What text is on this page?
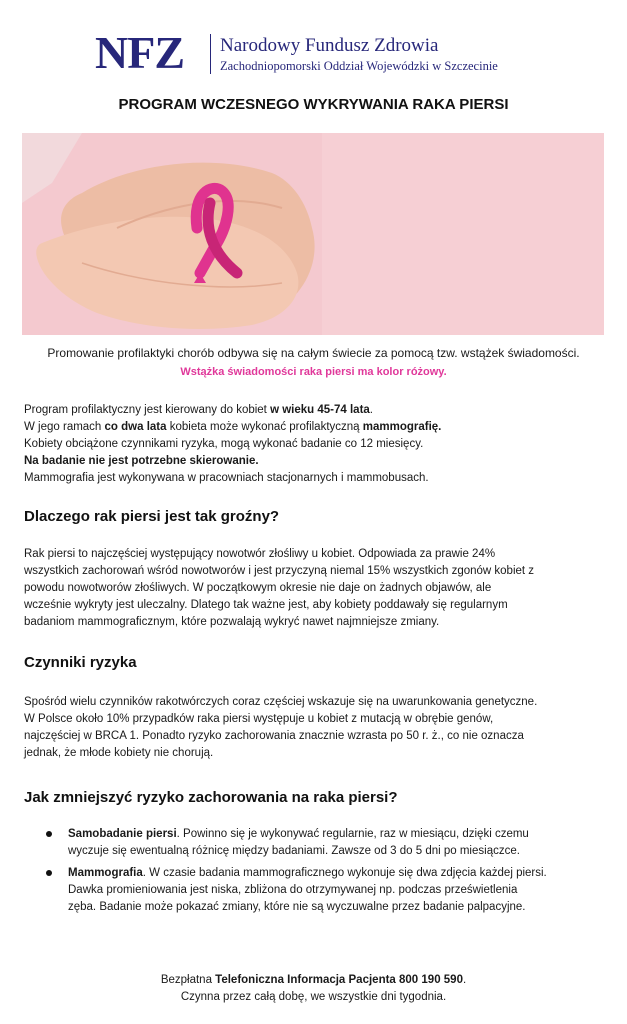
NFZ Narodowy Fundusz Zdrowia
Zachodniopomorski Oddział Wojewódzki w Szczecinie
PROGRAM WCZESNEGO WYKRYWANIA RAKA PIERSI
Promowanie profilaktyki chorób odbywa się na całym świecie za pomocą tzw. wstążek świadomości.
Wstążka świadomości raka piersi ma kolor różowy.

Program profilaktyczny jest kierowany do kobiet w wieku 45-74 lata.

W jego ramach co dwa lata kobieta może wykonać profilaktyczną mammografię.

Kobiety obciążone czynnikami ryzyka, mogą wykonać badanie co 12 miesięcy.

Na badanie nie jest potrzebne skierowanie.

Mammografia jest wykonywana w pracowniach stacjonarnych i mammobusach.

Dlaczego rak piersi jest tak groźny?

Rak piersi to najczęściej występujący nowotwór złośliwy u kobiet. Odpowiada za prawie 24%

wszystkich zachorowań wśród nowotworów i jest przyczyną niemal 15% wszystkich zgonów kobiet z

powodu nowotworów złośliwych. W początkowym okresie nie daje on żadnych objawów, ale

wcześnie wykryty jest uleczalny. Dlatego tak ważne jest, aby kobiety poddawały się regularnym

badaniom mammograficznym, które pozwalają wykryć nawet najmniejsze zmiany.

Czynniki ryzyka

Spośród wielu czynników rakotwórczych coraz częściej wskazuje się na uwarunkowania genetyczne.

W Polsce około 10% przypadków raka piersi występuje u kobiet z mutacją w obrębie genów,

najczęściej w BRCA 1. Ponadto ryzyko zachorowania znacznie wzrasta po 50 r. ż., co nie oznacza

jednak, że młode kobiety nie chorują.

Jak zmniejszyć ryzyko zachorowania na raka piersi?
Samobadanie piersi. Powinno się je wykonywać regularnie, raz w miesiącu, dzięki czemu
wyczuje się ewentualną różnicę między badaniami. Zawsze od 3 do 5 dni po miesiączce.
Mammografia. W czasie badania mammograficznego wykonuje się dwa zdjęcia każdej piersi.
Dawka promieniowania jest niska, zbliżona do otrzymywanej np. podczas prześwietlenia
zęba. Badanie może pokazać zmiany, które nie są wyczuwalne przez badanie palpacyjne.

Bezpłatna Telefoniczna Informacja Pacjenta 800 190 590.

Czynna przez całą dobę, we wszystkie dni tygodnia.
